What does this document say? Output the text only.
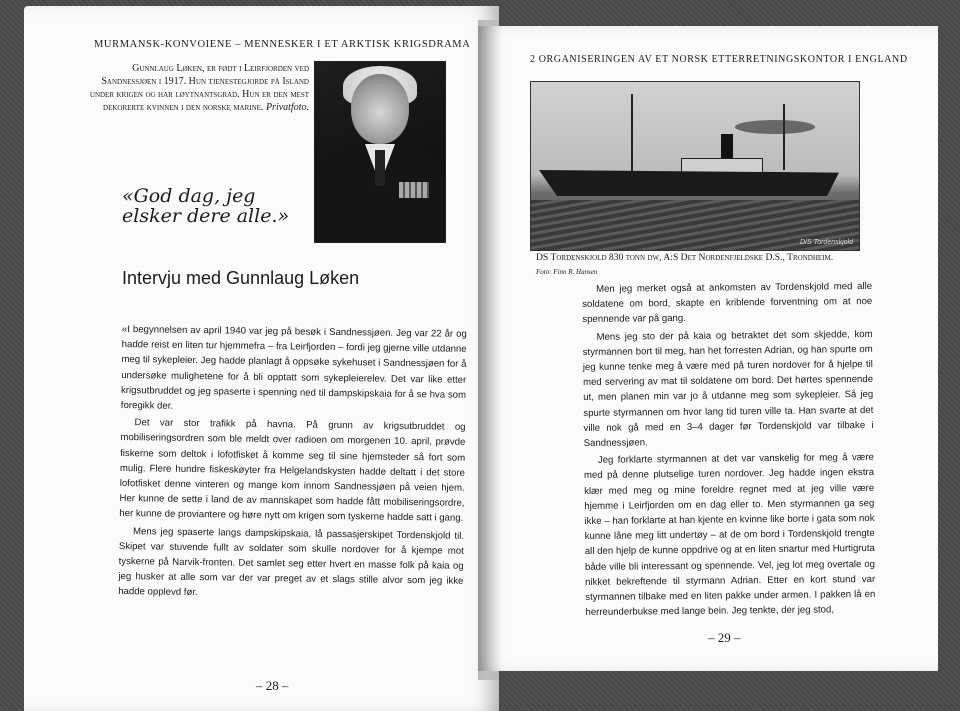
MURMANSK-KONVOIENE – MENNESKER I ET ARKTISK KRIGSDRAMA
Gunnlaug Løken, er født i Leirfjorden ved Sandnessjøen i 1917. Hun tjenestegjorde på Island under krigen og har løytnantsgrad. Hun er den mest dekorerte kvinnen i den norske marine. Privatfoto.
«God dag, jeg elsker dere alle.»
Intervju med Gunnlaug Løken

«I begynnelsen av april 1940 var jeg på besøk i Sandnessjøen. Jeg var 22 år og hadde reist en liten tur hjemmefra – fra Leirfjorden – fordi jeg gjerne ville utdanne meg til sykepleier. Jeg hadde planlagt å oppsøke sykehuset i Sandnessjøen for å undersøke mulighetene for å bli opptatt som sykepleierelev. Det var like etter krigsutbruddet og jeg spaserte i spenning ned til dampskipskaia for å se hva som foregikk der.

Det var stor trafikk på havna. På grunn av krigsutbruddet og mobiliseringsordren som ble meldt over radioen om morgenen 10. april, prøvde fiskerne som deltok i lofotfisket å komme seg til sine hjemsteder så fort som mulig. Flere hundre fiskeskøyter fra Helgelandskysten hadde deltatt i det store lofotfisket denne vinteren og mange kom innom Sandnessjøen på veien hjem. Her kunne de sette i land de av mannskapet som hadde fått mobiliseringsordre, her kunne de proviantere og høre nytt om krigen som tyskerne hadde satt i gang.

Mens jeg spaserte langs dampskipskaia, lå passasjerskipet Tordenskjold til. Skipet var stuvende fullt av soldater som skulle nordover for å kjempe mot tyskerne på Narvik-fronten. Det samlet seg etter hvert en masse folk på kaia og jeg husker at alle som var der var preget av et slags stille alvor som jeg ikke hadde opplevd før.

– 28 –
2 ORGANISERINGEN AV ET NORSK ETTERRETNINGSKONTOR I ENGLAND
D/S Tordenskjold
DS Tordenskjold 830 tonn dw, A:S Det Nordenfjeldske D.S., Trondheim.
Foto: Finn R. Hansen

Men jeg merket også at ankomsten av Tordenskjold med alle soldatene om bord, skapte en kriblende forventning om at noe spennende var på gang.

Mens jeg sto der på kaia og betraktet det som skjedde, kom styrmannen bort til meg, han het forresten Adrian, og han spurte om jeg kunne tenke meg å være med på turen nordover for å hjelpe til med servering av mat til soldatene om bord. Det hørtes spennende ut, men planen min var jo å utdanne meg som sykepleier. Så jeg spurte styrmannen om hvor lang tid turen ville ta. Han svarte at det ville nok gå med en 3–4 dager før Tordenskjold var tilbake i Sandnessjøen.

Jeg forklarte styrmannen at det var vanskelig for meg å være med på denne plutselige turen nordover. Jeg hadde ingen ekstra klær med meg og mine foreldre regnet med at jeg ville være hjemme i Leirfjorden om en dag eller to. Men styrmannen ga seg ikke – han forklarte at han kjente en kvinne like borte i gata som nok kunne låne meg litt undertøy – at de om bord i Tordenskjold trengte all den hjelp de kunne oppdrive og at en liten snartur med Hurtigruta både ville bli interessant og spennende. Vel, jeg lot meg overtale og nikket bekreftende til styrmann Adrian. Etter en kort stund var styrmannen tilbake med en liten pakke under armen. I pakken lå en herreunderbukse med lange bein. Jeg tenkte, der jeg stod,

– 29 –
